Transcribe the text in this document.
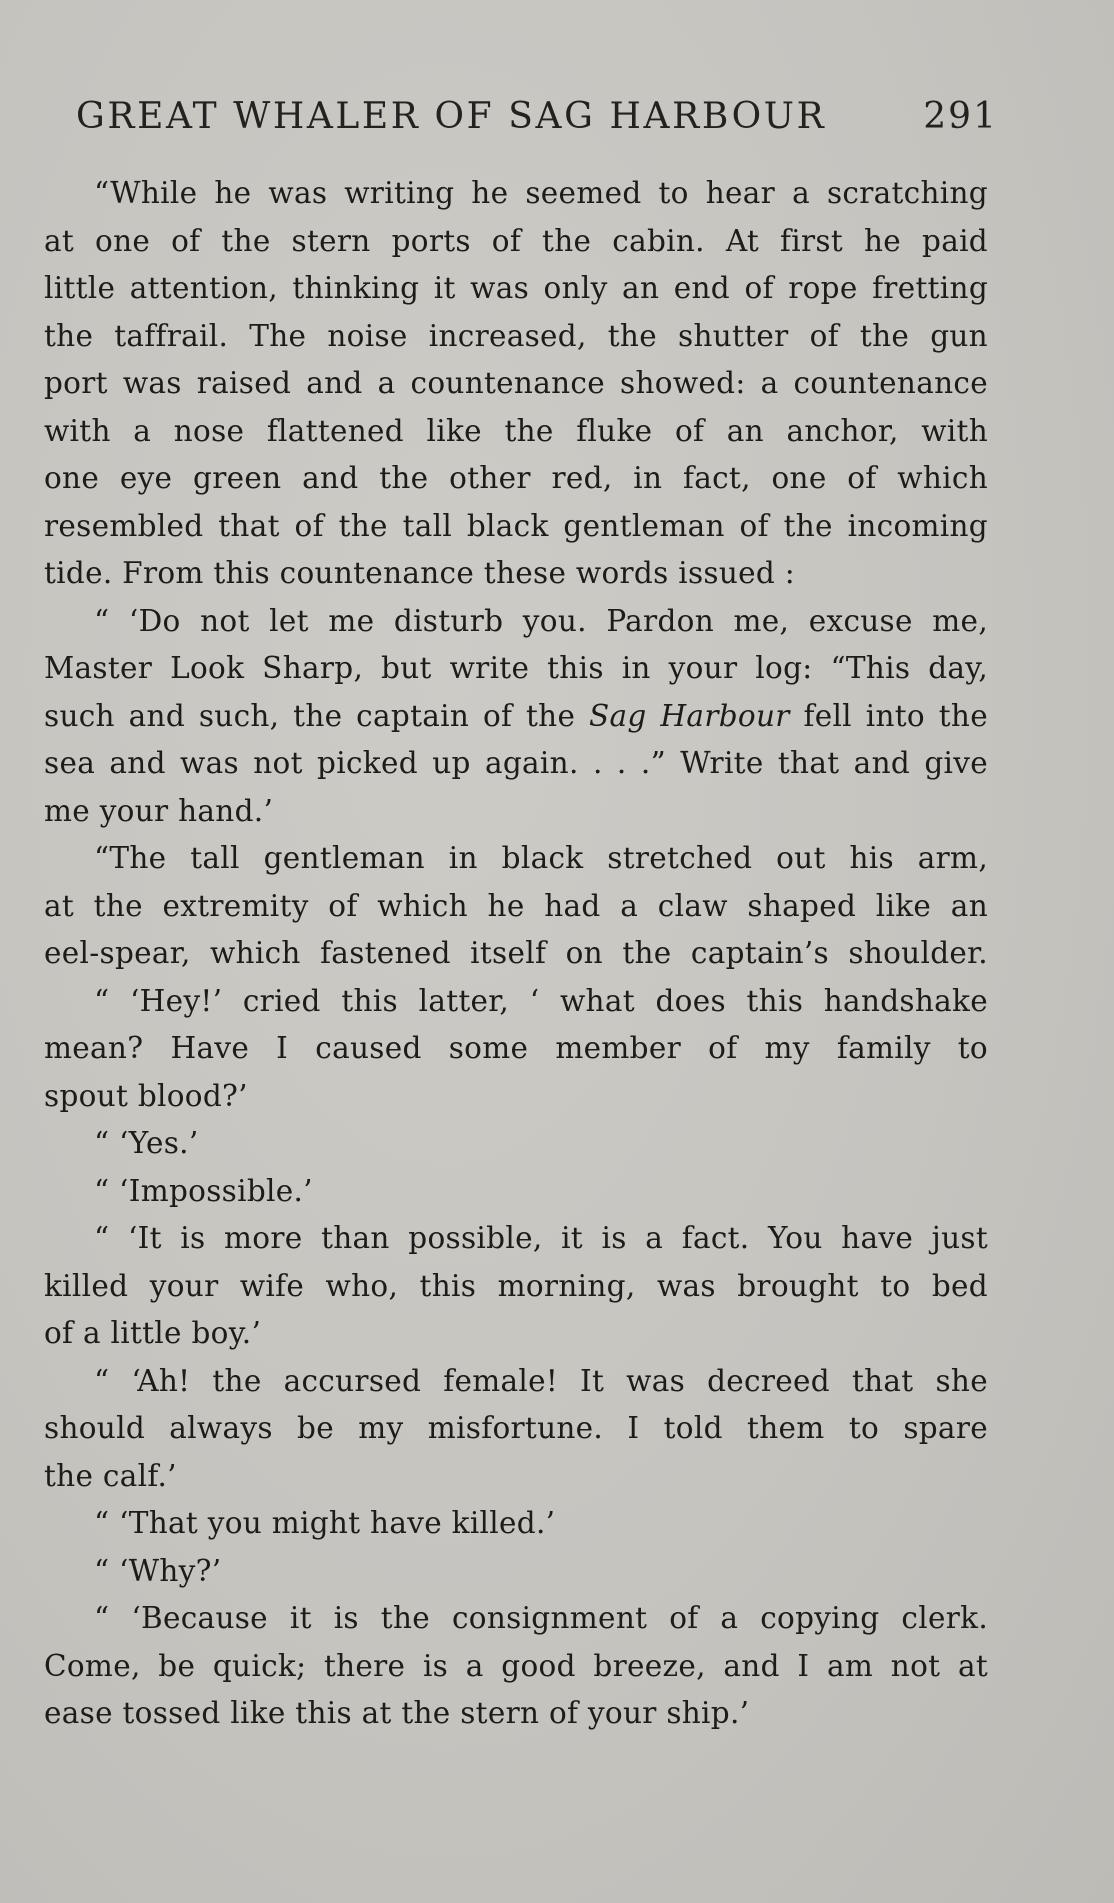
GREAT WHALER OF SAG HARBOUR	291
“While he was writing he seemed to hear a scratching
at one of the stern ports of the cabin. At first he paid
little attention, thinking it was only an end of rope fretting
the taffrail. The noise increased, the shutter of the gun
port was raised and a countenance showed: a countenance
with a nose flattened like the fluke of an anchor, with
one eye green and the other red, in fact, one of which
resembled that of the tall black gentleman of the incoming
tide. From this countenance these words issued :
“ ‘Do not let me disturb you. Pardon me, excuse me,
Master Look Sharp, but write this in your log: “This day,
such and such, the captain of the Sag Harbour fell into the
sea and was not picked up again. . . .” Write that and give
me your hand.’
“The tall gentleman in black stretched out his arm,
at the extremity of which he had a claw shaped like an
eel-spear, which fastened itself on the captain’s shoulder.
“ ‘Hey!’ cried this latter, ‘ what does this handshake
mean? Have I caused some member of my family to
spout blood?’
“ ‘Yes.’
“ ‘Impossible.’
“ ‘It is more than possible, it is a fact. You have just
killed your wife who, this morning, was brought to bed
of a little boy.’
“ ‘Ah! the accursed female! It was decreed that she
should always be my misfortune. I told them to spare
the calf.’
“ ‘That you might have killed.’
“ ‘Why?’
“ ‘Because it is the consignment of a copying clerk.
Come, be quick; there is a good breeze, and I am not at
ease tossed like this at the stern of your ship.’
